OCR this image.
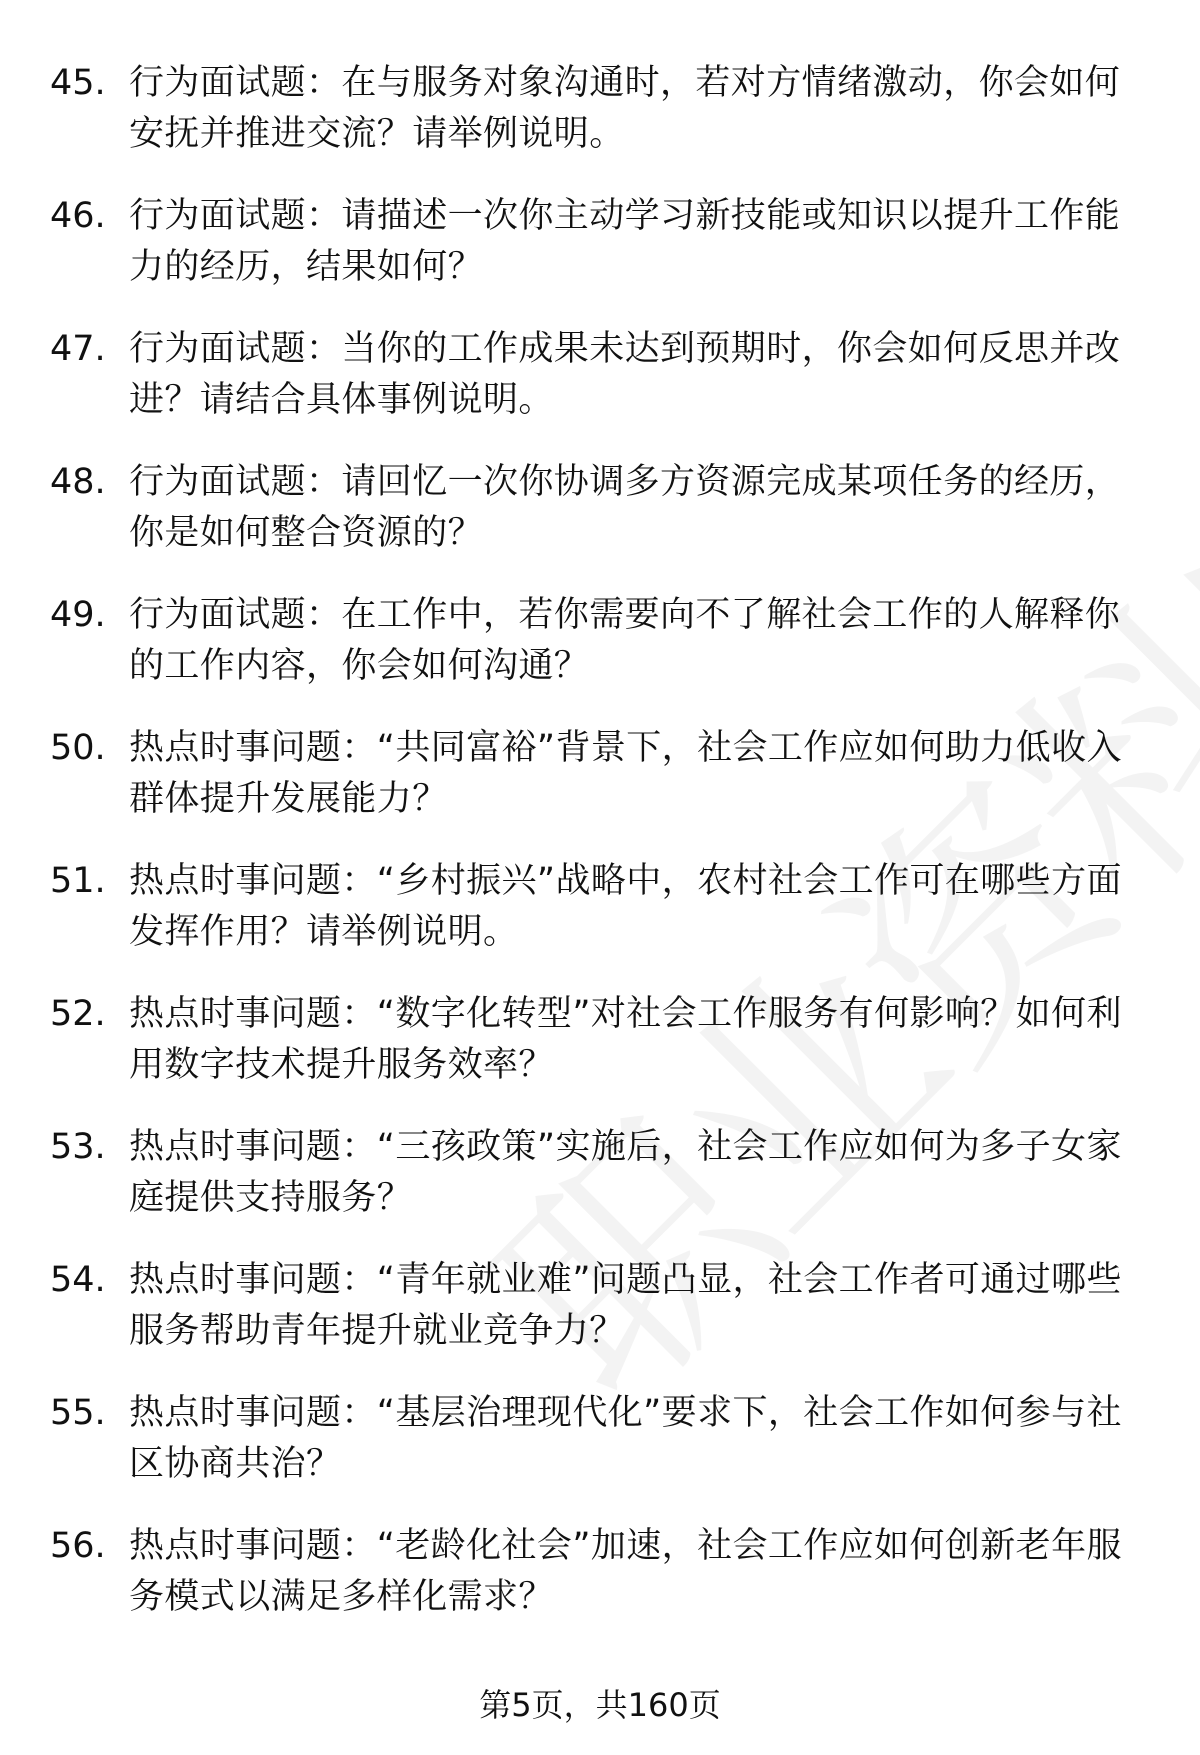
45. 行为面试题：在与服务对象沟通时，若对方情绪激动，你会如何安抚并推进交流？请举例说明。
46. 行为面试题：请描述一次你主动学习新技能或知识以提升工作能力的经历，结果如何？
47. 行为面试题：当你的工作成果未达到预期时，你会如何反思并改进？请结合具体事例说明。
48. 行为面试题：请回忆一次你协调多方资源完成某项任务的经历，你是如何整合资源的？
49. 行为面试题：在工作中，若你需要向不了解社会工作的人解释你的工作内容，你会如何沟通？
50. 热点时事问题：“共同富裕”背景下，社会工作应如何助力低收入群体提升发展能力？
51. 热点时事问题：“乡村振兴”战略中，农村社会工作可在哪些方面发挥作用？请举例说明。
52. 热点时事问题：“数字化转型”对社会工作服务有何影响？如何利用数字技术提升服务效率？
53. 热点时事问题：“三孩政策”实施后，社会工作应如何为多子女家庭提供支持服务？
54. 热点时事问题：“青年就业难”问题凸显，社会工作者可通过哪些服务帮助青年提升就业竞争力？
55. 热点时事问题：“基层治理现代化”要求下，社会工作如何参与社区协商共治？
56. 热点时事问题：“老龄化社会”加速，社会工作应如何创新老年服务模式以满足多样化需求？
第5页，共160页
